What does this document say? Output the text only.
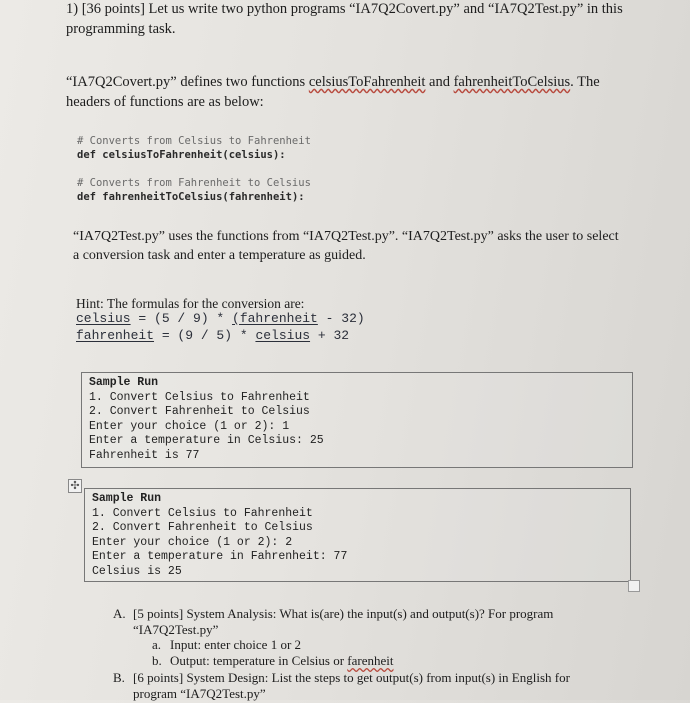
1) [36 points] Let us write two python programs “IA7Q2Covert.py” and “IA7Q2Test.py” in this
programming task.
“IA7Q2Covert.py” defines two functions celsiusToFahrenheit and fahrenheitToCelsius. The
headers of functions are as below:
# Converts from Celsius to Fahrenheit
def celsiusToFahrenheit(celsius):
# Converts from Fahrenheit to Celsius
def fahrenheitToCelsius(fahrenheit):
“IA7Q2Test.py” uses the functions from “IA7Q2Test.py”. “IA7Q2Test.py” asks the user to select
a conversion task and enter a temperature as guided.
Hint: The formulas for the conversion are:
celsius = (5 / 9) * (fahrenheit - 32)
fahrenheit = (9 / 5) * celsius + 32
Sample Run
1. Convert Celsius to Fahrenheit
2. Convert Fahrenheit to Celsius
Enter your choice (1 or 2): 1
Enter a temperature in Celsius: 25
Fahrenheit is 77
✣
Sample Run
1. Convert Celsius to Fahrenheit
2. Convert Fahrenheit to Celsius
Enter your choice (1 or 2): 2
Enter a temperature in Fahrenheit: 77
Celsius is 25
A. [5 points] System Analysis: What is(are) the input(s) and output(s)? For program
“IA7Q2Test.py”
a. Input: enter choice 1 or 2
b. Output: temperature in Celsius or farenheit
B. [6 points] System Design: List the steps to get output(s) from input(s) in English for
program “IA7Q2Test.py”
